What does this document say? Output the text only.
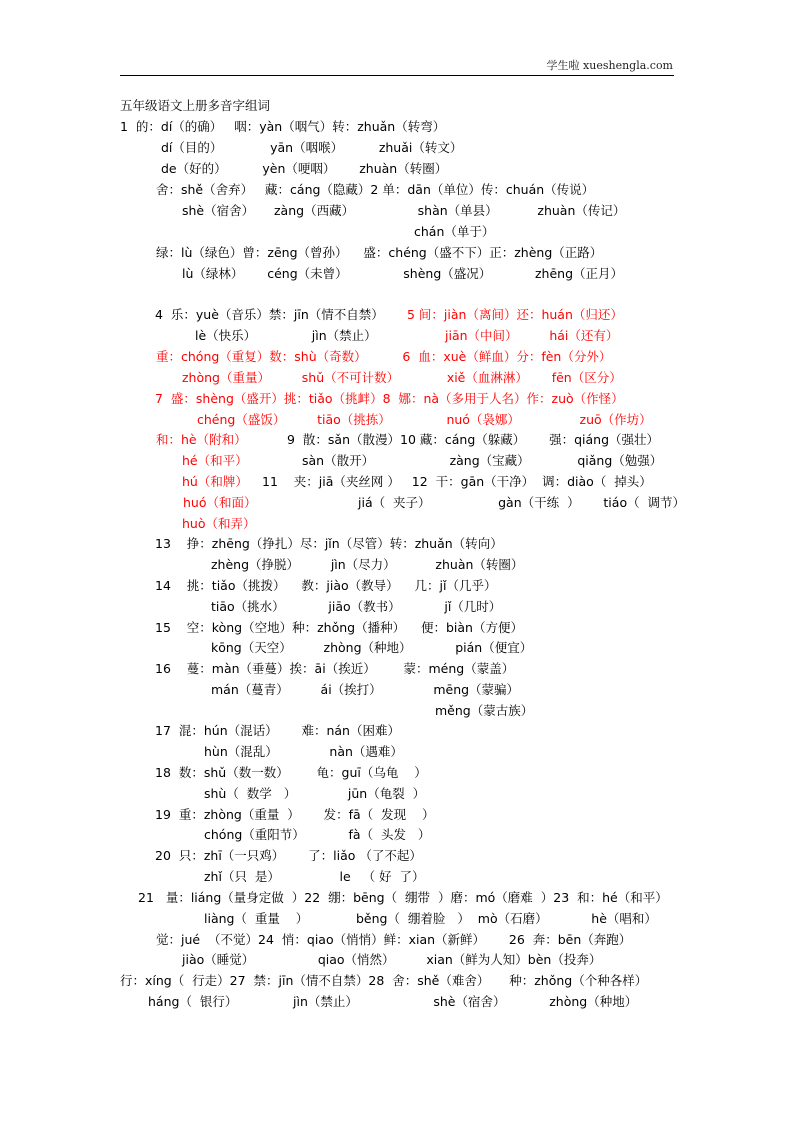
学生啦 xueshengla.com
五年级语文上册多音字组词
1  的：dí（的确）   咽：yàn（咽气）转：zhuǎn（转弯）
dí（目的）            yān（咽喉）         zhuǎi（转文）
de（好的）         yèn（哽咽）      zhuàn（转圈）
舍：shě（舍弃）   藏：cáng（隐藏）2 单：dān（单位）传：chuán（传说）
shè（宿舍）     zàng（西藏）                shàn（单县）          zhuàn（传记）
chán（单于）
绿：lù（绿色）曾：zēng（曾孙）    盛：chéng（盛不下）正：zhèng（正路）
lù（绿林）      céng（未曾）              shèng（盛况）           zhēng（正月）
4  乐：yuè（音乐）禁：jīn（情不自禁） 5 间：jiàn（离间）还：huán（归还）
lè（快乐）              jìn（禁止）	jiān（中间）        hái（还有）
重：chóng（重复）数：shù（奇数）         6  血：xuè（鲜血）分：fèn（分外）
zhòng（重量）        shǔ（不可计数）            xiě（血淋淋）      fēn（区分）
7  盛：shèng（盛开）挑：tiǎo（挑衅）8  娜：nà（多用于人名）作：zuò（作怪）
chéng（盛饭）        tiāo（挑拣）              nuó（袅娜）               zuō（作坊）
和：hè（附和）	9  散：sǎn（散漫）10 藏：cáng（躲藏）      强：qiáng（强壮）
hé（和平）	sàn（散开）                   zàng（宝藏）            qiǎng（勉强）
hú（和牌） 11    夹：jiā（夹丝网 ）   12  干：gān（干净）  调：diào（  掉头）
huó（和面）	jiá（  夹子）                 gàn（干练  ）      tiáo（  调节）
huò（和弄）
13    挣：zhēng（挣扎）尽：jǐn（尽管）转：zhuǎn（转向）
zhèng（挣脱）        jìn（尽力）          zhuàn（转圈）
14    挑：tiǎo（挑拨）    教：jiào（教导）    几：jǐ（几乎）
tiāo（挑水）           jiāo（教书）           jǐ（几时）
15    空：kòng（空地）种：zhǒng（播种）    便：biàn（方便）
kōng（天空）        zhòng（种地）           pián（便宜）
16    蔓：màn（垂蔓）挨：āi（挨近）       蒙：méng（蒙盖）
mán（蔓青）        ái（挨打）             mēng（蒙骗）
měng（蒙古族）
17  混：hún（混话）      难：nán（困难）
hùn（混乱）             nàn（遇难）
18  数：shǔ（数一数）       龟：guī（乌龟    ）
shù（  数学   ）             jūn（龟裂  ）
19  重：zhòng（重量  ）      发：fā（  发现    ）
chóng（重阳节）           fà（  头发   ）
20  只：zhī（一只鸡）      了：liǎo （了不起）
zhǐ（只  是）               le   （ 好  了）
21   量：liáng（量身定做  ）22  绷：bēng（  绷带  ）磨：mó（磨难  ）23  和：hé（和平）
liàng（  重量    ）            běng（  绷着脸   ）  mò（石磨）           hè（唱和）
觉：jué  （不觉）24  悄：qiao（悄悄）鲜：xian（新鲜）      26  奔：bēn（奔跑）
jiào（睡觉）                qiao（悄然）        xian（鲜为人知）bèn（投奔）
行：xíng（  行走）27  禁：jīn（情不自禁）28  舍：shě（难舍）     种：zhǒng（个种各样）
háng（  银行）              jìn（禁止）                   shè（宿舍）           zhòng（种地）
